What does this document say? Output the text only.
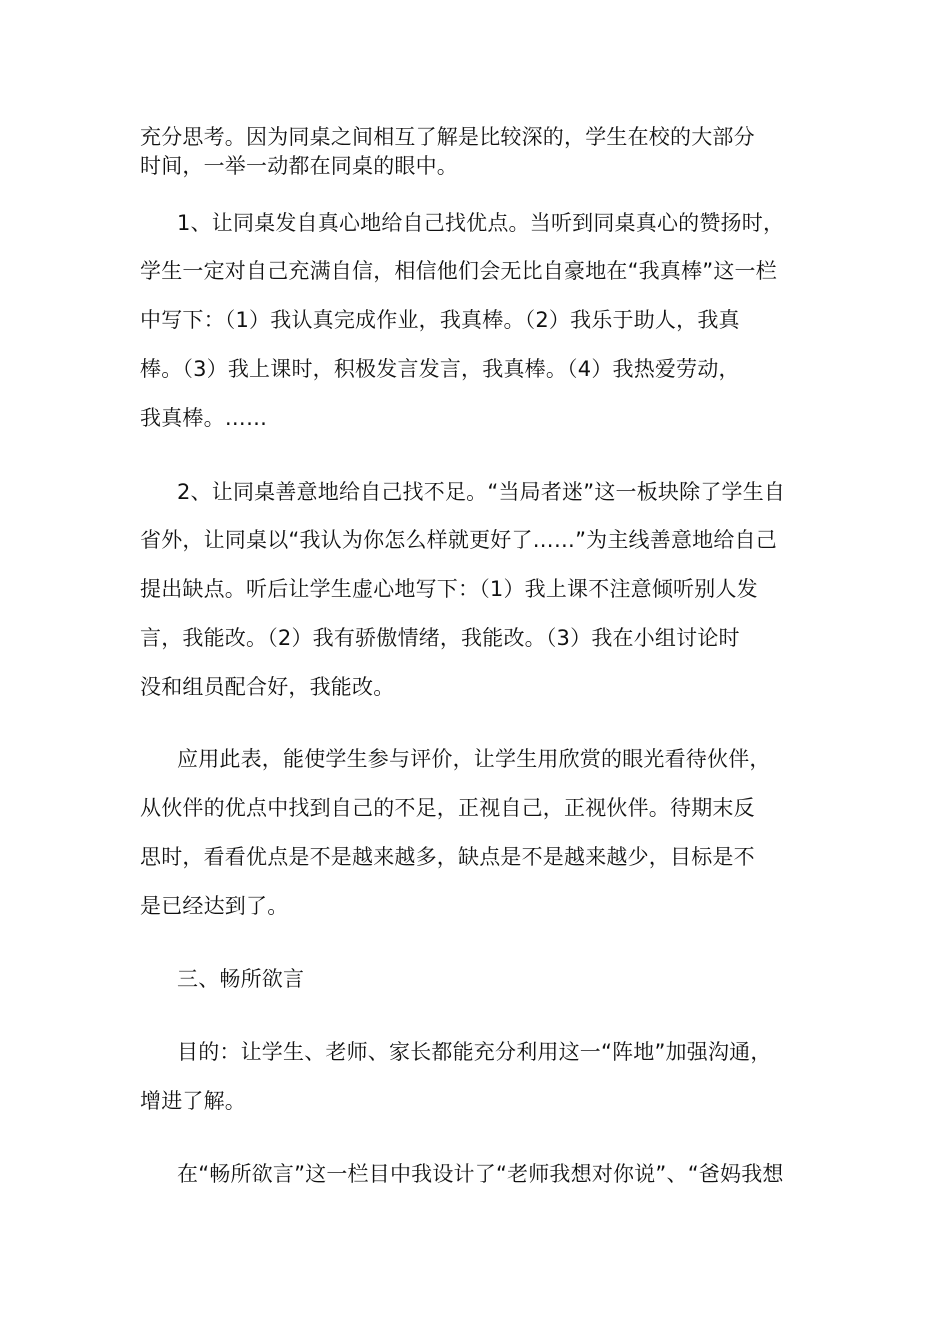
充分思考。因为同桌之间相互了解是比较深的，学生在校的大部分
时间，一举一动都在同桌的眼中。
1、让同桌发自真心地给自己找优点。当听到同桌真心的赞扬时，
学生一定对自己充满自信，相信他们会无比自豪地在“我真棒”这一栏
中写下：（1）我认真完成作业，我真棒。（2）我乐于助人，我真
棒。（3）我上课时，积极发言发言，我真棒。（4）我热爱劳动，
我真棒。……
2、让同桌善意地给自己找不足。“当局者迷”这一板块除了学生自
省外，让同桌以“我认为你怎么样就更好了……”为主线善意地给自己
提出缺点。听后让学生虚心地写下：（1）我上课不注意倾听别人发
言，我能改。（2）我有骄傲情绪，我能改。（3）我在小组讨论时
没和组员配合好，我能改。
应用此表，能使学生参与评价，让学生用欣赏的眼光看待伙伴，
从伙伴的优点中找到自己的不足，正视自己，正视伙伴。待期末反
思时，看看优点是不是越来越多，缺点是不是越来越少，目标是不
是已经达到了。
三、畅所欲言
目的：让学生、老师、家长都能充分利用这一“阵地”加强沟通，
增进了解。
在“畅所欲言”这一栏目中我设计了“老师我想对你说”、“爸妈我想
